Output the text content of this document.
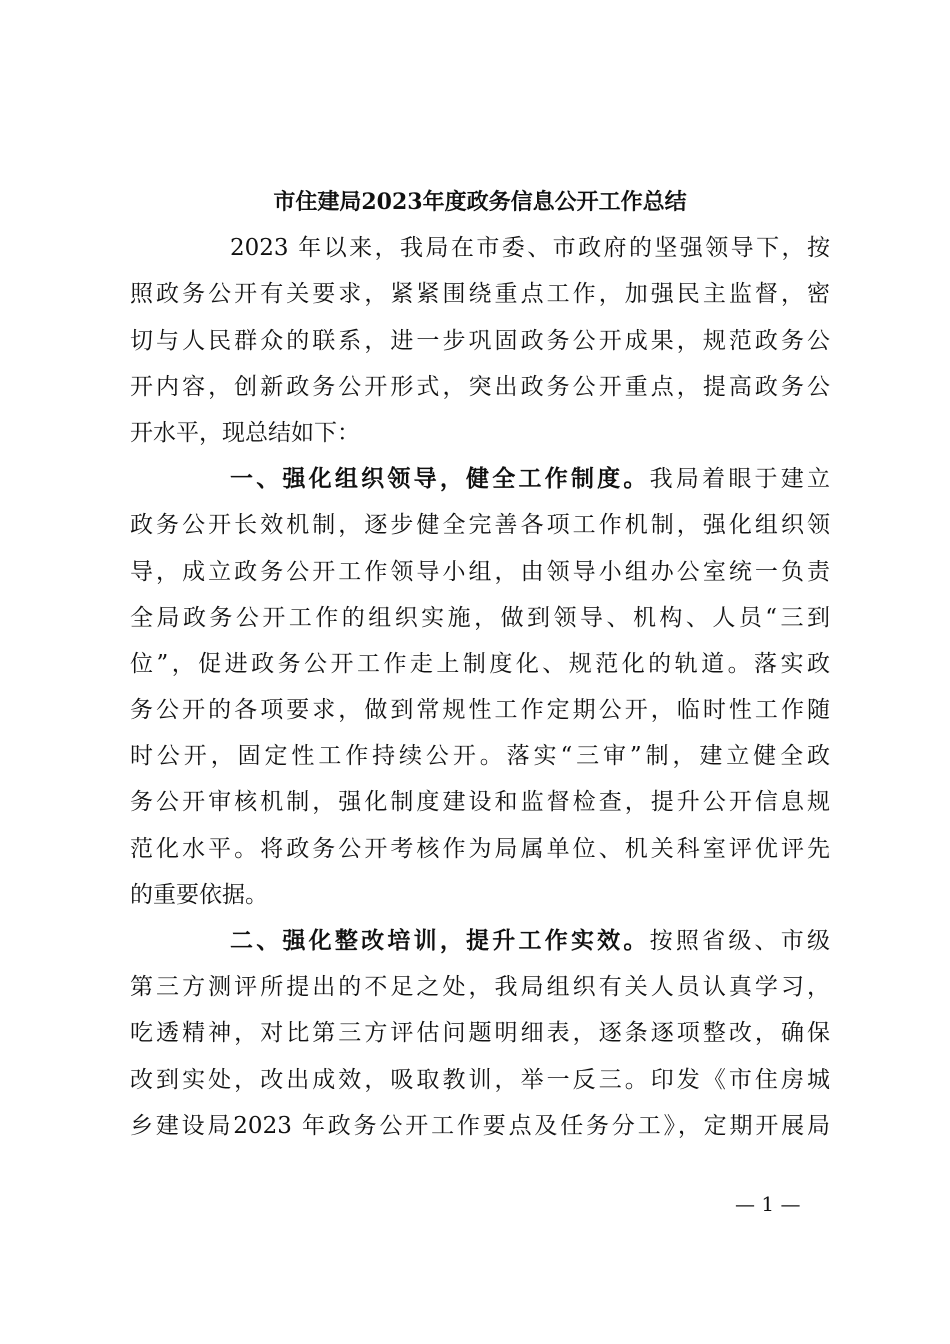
市住建局2023年度政务信息公开工作总结
2023 年以来，我局在市委、市政府的坚强领导下，按
照政务公开有关要求，紧紧围绕重点工作，加强民主监督，密
切与人民群众的联系，进一步巩固政务公开成果，规范政务公
开内容，创新政务公开形式，突出政务公开重点，提高政务公
开水平，现总结如下：
一、强化组织领导，健全工作制度。我局着眼于建立
政务公开长效机制，逐步健全完善各项工作机制，强化组织领
导，成立政务公开工作领导小组，由领导小组办公室统一负责
全局政务公开工作的组织实施，做到领导、机构、人员“三到
位”，促进政务公开工作走上制度化、规范化的轨道。落实政
务公开的各项要求，做到常规性工作定期公开，临时性工作随
时公开，固定性工作持续公开。落实“三审”制，建立健全政
务公开审核机制，强化制度建设和监督检查，提升公开信息规
范化水平。将政务公开考核作为局属单位、机关科室评优评先
的重要依据。
二、强化整改培训，提升工作实效。按照省级、市级
第三方测评所提出的不足之处，我局组织有关人员认真学习，
吃透精神，对比第三方评估问题明细表，逐条逐项整改，确保
改到实处，改出成效，吸取教训，举一反三。印发《市住房城
乡建设局2023 年政务公开工作要点及任务分工》，定期开展局
— 1 —
